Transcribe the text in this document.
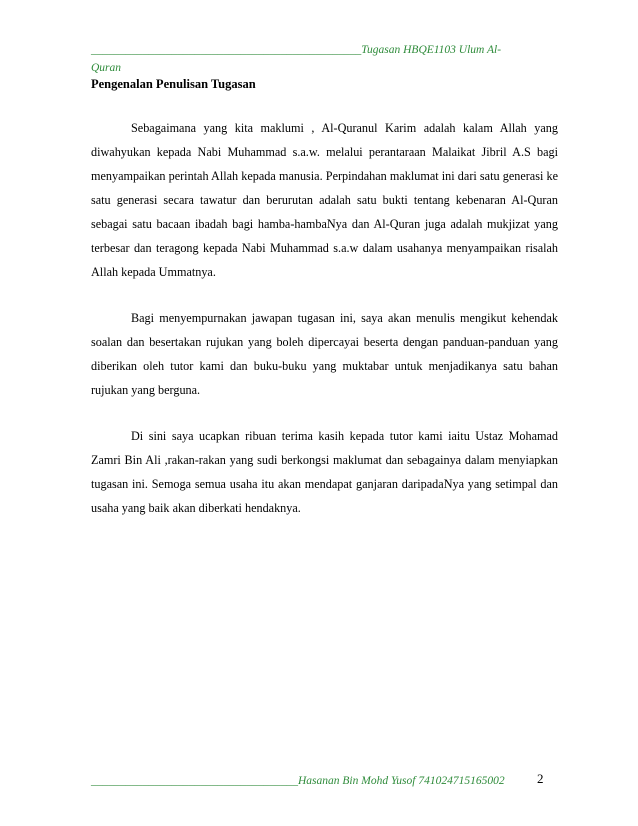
_______________________________________________Tugasan HBQE1103 Ulum Al-Quran
Pengenalan Penulisan Tugasan

Sebagaimana yang kita maklumi , Al-Quranul Karim adalah kalam Allah yang diwahyukan kepada Nabi Muhammad s.a.w. melalui perantaraan Malaikat Jibril A.S bagi menyampaikan perintah Allah kepada manusia. Perpindahan maklumat ini dari satu generasi ke satu generasi secara tawatur dan berurutan adalah satu bukti tentang kebenaran Al-Quran sebagai satu bacaan ibadah bagi hamba-hambaNya dan Al-Quran juga adalah mukjizat yang terbesar dan teragong kepada Nabi Muhammad s.a.w dalam usahanya menyampaikan risalah Allah kepada Ummatnya.

Bagi menyempurnakan jawapan tugasan ini, saya akan menulis mengikut kehendak soalan dan besertakan rujukan yang boleh dipercayai beserta dengan panduan-panduan yang diberikan oleh tutor kami dan buku-buku yang muktabar untuk menjadikanya satu bahan rujukan yang berguna.

Di sini saya ucapkan ribuan terima kasih kepada tutor kami iaitu Ustaz Mohamad Zamri Bin Ali ,rakan-rakan yang sudi berkongsi maklumat dan sebagainya dalam menyiapkan tugasan ini. Semoga semua usaha itu akan mendapat ganjaran daripadaNya yang setimpal dan usaha yang baik akan diberkati hendaknya.

____________________________________Hasanan Bin Mohd Yusof 741024715165002	2
